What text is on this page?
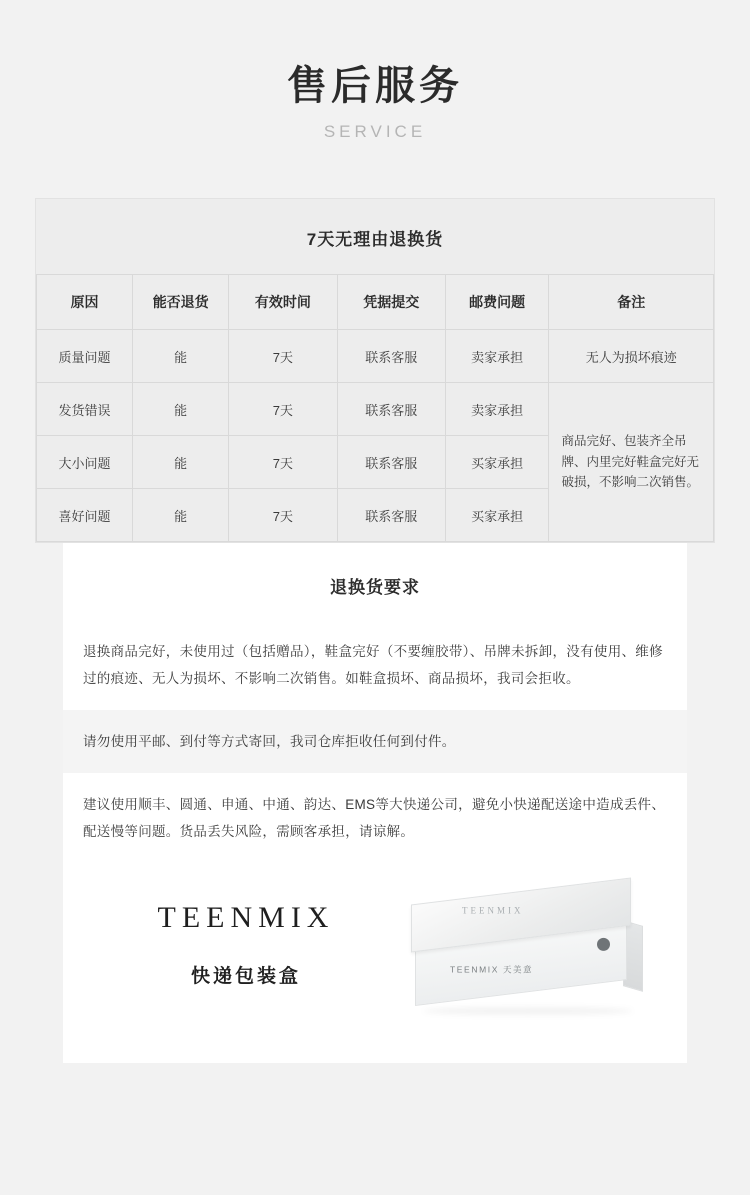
售后服务
SERVICE
7天无理由退换货
原因	能否退货	有效时间	凭据提交	邮费问题	备注
质量问题	能	7天	联系客服	卖家承担	无人为损坏痕迹
发货错误	能	7天	联系客服	卖家承担	商品完好、包装齐全吊牌、内里完好鞋盒完好无破损，不影响二次销售。
大小问题	能	7天	联系客服	买家承担	
喜好问题	能	7天	联系客服	买家承担	
退换货要求
退换商品完好，未使用过（包括赠品），鞋盒完好（不要缠胶带）、吊牌未拆卸，没有使用、维修过的痕迹、无人为损坏、不影响二次销售。如鞋盒损坏、商品损坏，我司会拒收。
请勿使用平邮、到付等方式寄回，我司仓库拒收任何到付件。
建议使用顺丰、圆通、申通、中通、韵达、EMS等大快递公司，避免小快递配送途中造成丢件、配送慢等问题。货品丢失风险，需顾客承担，请谅解。
TEENMIX
快递包装盒	TEENMIX 天美意
TEENMIX
